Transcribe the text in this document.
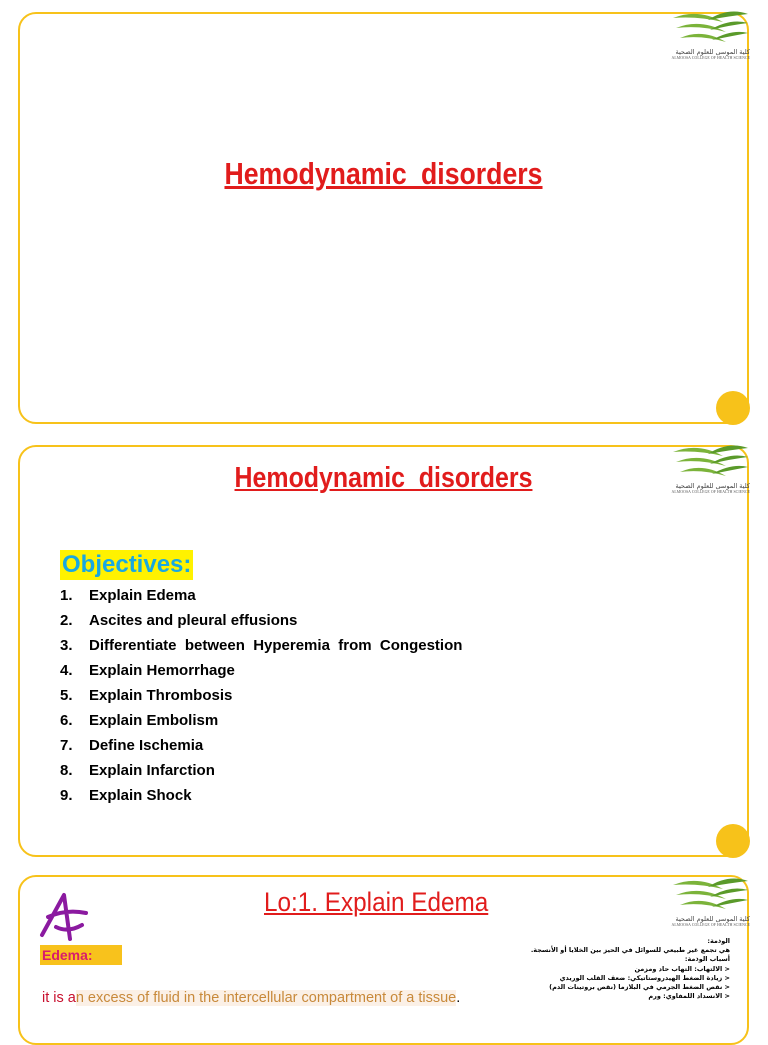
كلية الموسى للعلوم الصحية
ALMOOSA COLLEGE OF HEALTH SCIENCE
Hemodynamic disorders
كلية الموسى للعلوم الصحية
ALMOOSA COLLEGE OF HEALTH SCIENCE
Hemodynamic disorders
Objectives:
1. Explain Edema
2. Ascites and pleural effusions
3. Differentiate  between  Hyperemia  from  Congestion
4. Explain Hemorrhage
5. Explain Thrombosis
6. Explain Embolism
7. Define Ischemia
8. Explain Infarction
9. Explain Shock
كلية الموسى للعلوم الصحية
ALMOOSA COLLEGE OF HEALTH SCIENCE
Lo:1. Explain Edema
Edema:
الوذمة:
هي تجمع غير طبيعي للسوائل في الحيز بين الخلايا أو الأنسجة.
أسباب الوذمة:
< الالتهاب: التهاب حاد ومزمن
< زيادة الضغط الهيدروستاتيكي: ضعف القلب الوريدي
< نقص الضغط الجرمي في البلازما (نقص بروتينات الدم)
< الانسداد اللمفاوي: ورم
it is an excess of fluid in the intercellular compartment of a tissue.
